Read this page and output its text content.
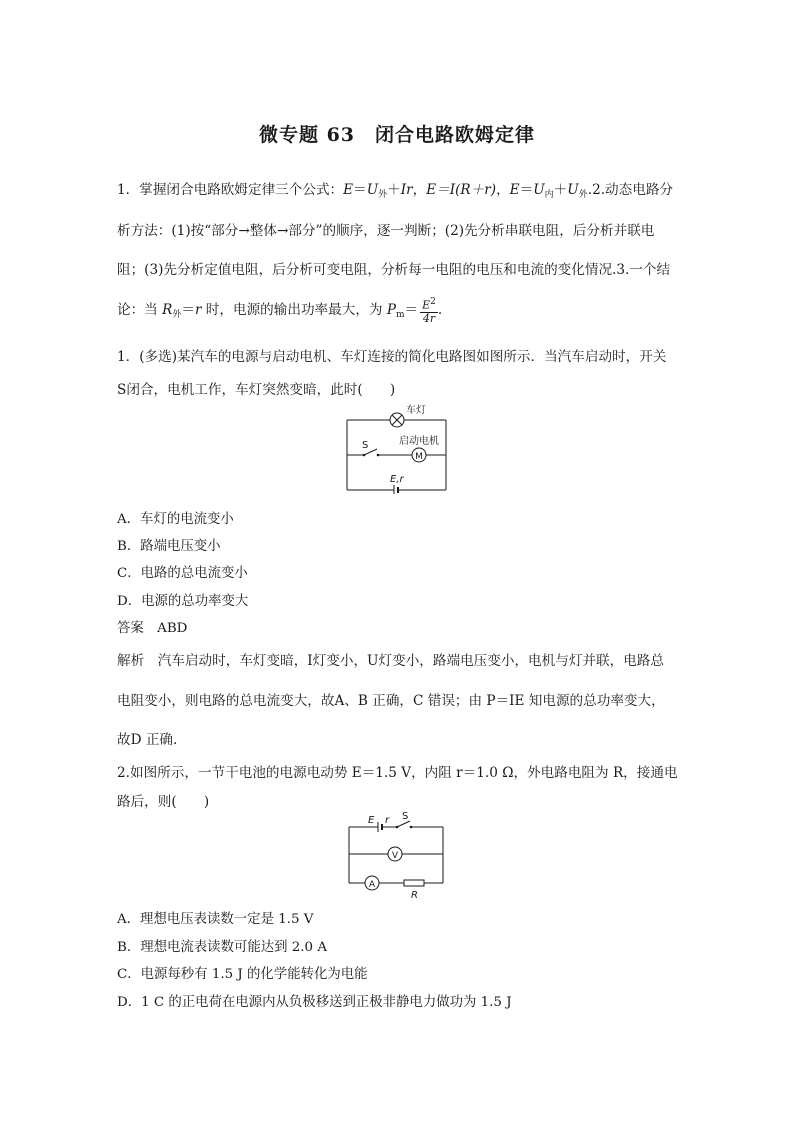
微专题 63　闭合电路欧姆定律
1．掌握闭合电路欧姆定律三个公式：$E=U_外+Ir$，E＝I(R＋r)，$E=U_内+U_外.2$.动态电路分
析方法：(1)按“部分→整体→部分”的顺序，逐一判断；(2)先分析串联电阻，后分析并联电
阻；(3)先分析定值电阻，后分析可变电阻，分析每一电阻的电压和电流的变化情况.3.一个结
论：当 $R_外=r$ 时，电源的输出功率最大，为 $P_m= \frac{E^2}{4r}$ .
1．(多选)某汽车的电源与启动电机、车灯连接的简化电路图如图所示．当汽车启动时，开关
S闭合，电机工作，车灯突然变暗，此时(　　)
车灯
启动电机
S
M
E,r
A．车灯的电流变小
B．路端电压变小
C．电路的总电流变小
D．电源的总功率变大
答案　 ABD
解析　 汽车启动时，车灯变暗，I灯变小，U灯变小，路端电压变小，电机与灯并联，电路总
电阻变小，则电路的总电流变大，故A、B 正确，C 错误；由 P＝IE 知电源的总功率变大，
故D 正确.
2.如图所示，一节干电池的电源电动势 E＝1.5 V，内阻 r＝1.0 Ω，外电路电阻为 R，接通电
路后，则(　　)
E r S
V
A
R
A．理想电压表读数一定是 1.5 V
B．理想电流表读数可能达到 2.0 A
C．电源每秒有 1.5 J 的化学能转化为电能
D．1 C 的正电荷在电源内从负极移送到正极非静电力做功为 1.5 J
